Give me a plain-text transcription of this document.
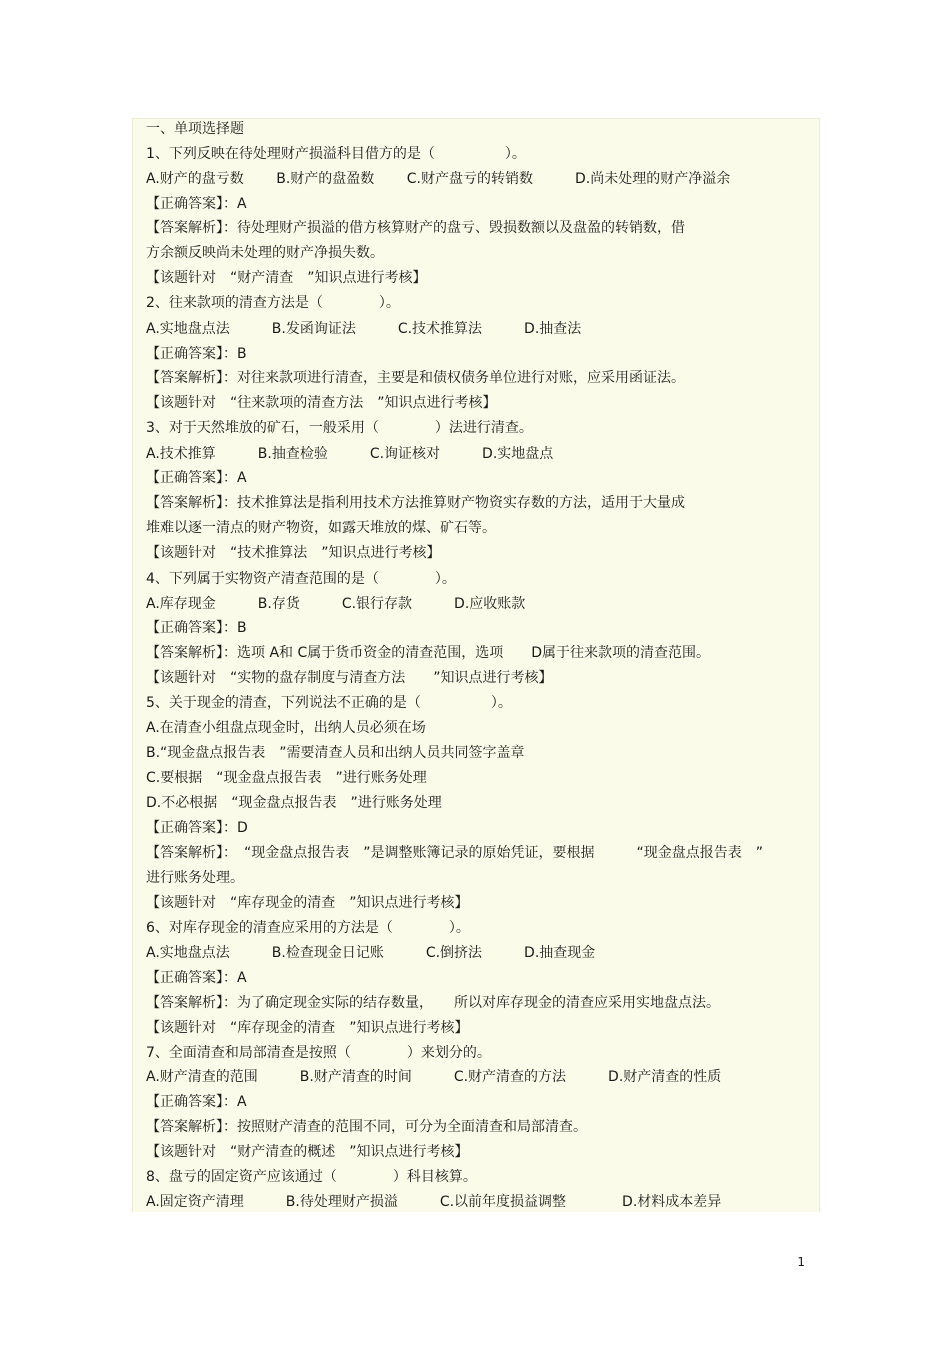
一、单项选择题
1、下列反映在待处理财产损溢科目借方的是（　　　　　）。
A.财产的盘亏数　　 B.财产的盘盈数　　 C.财产盘亏的转销数　　　D.尚未处理的财产净溢余
【正确答案】：A
【答案解析】：待处理财产损溢的借方核算财产的盘亏、毁损数额以及盘盈的转销数，借
方余额反映尚未处理的财产净损失数。
【该题针对　“财产清查　”知识点进行考核】
2、往来款项的清查方法是（　　　　）。
A.实地盘点法　　　B.发函询证法　　　C.技术推算法　　　D.抽查法
【正确答案】：B
【答案解析】：对往来款项进行清查，主要是和债权债务单位进行对账，应采用函证法。
【该题针对　“往来款项的清查方法　”知识点进行考核】
3、对于天然堆放的矿石，一般采用（　　　　）法进行清查。
A.技术推算　　　B.抽查检验　　　C.询证核对　　　D.实地盘点
【正确答案】：A
【答案解析】：技术推算法是指利用技术方法推算财产物资实存数的方法，适用于大量成
堆难以逐一清点的财产物资，如露天堆放的煤、矿石等。
【该题针对　“技术推算法　”知识点进行考核】
4、下列属于实物资产清查范围的是（　　　　）。
A.库存现金　　　B.存货　　　C.银行存款　　　D.应收账款
【正确答案】：B
【答案解析】：选项 A和 C属于货币资金的清查范围，选项　　D属于往来款项的清查范围。
【该题针对　“实物的盘存制度与清查方法　　”知识点进行考核】
5、关于现金的清查，下列说法不正确的是（　　　　　）。
A.在清查小组盘点现金时，出纳人员必须在场
B.“现金盘点报告表　”需要清查人员和出纳人员共同签字盖章
C.要根据　“现金盘点报告表　”进行账务处理
D.不必根据　“现金盘点报告表　”进行账务处理
【正确答案】：D
【答案解析】：　“现金盘点报告表　”是调整账簿记录的原始凭证，要根据　　　“现金盘点报告表　”
进行账务处理。
【该题针对　“库存现金的清查　”知识点进行考核】
6、对库存现金的清查应采用的方法是（　　　　）。
A.实地盘点法　　　B.检查现金日记账　　　C.倒挤法　　　D.抽查现金
【正确答案】：A
【答案解析】：为了确定现金实际的结存数量，　　所以对库存现金的清查应采用实地盘点法。
【该题针对　“库存现金的清查　”知识点进行考核】
7、全面清查和局部清查是按照（　　　　）来划分的。
A.财产清查的范围　　　B.财产清查的时间　　　C.财产清查的方法　　　D.财产清查的性质
【正确答案】：A
【答案解析】：按照财产清查的范围不同，可分为全面清查和局部清查。
【该题针对　“财产清查的概述　”知识点进行考核】
8、盘亏的固定资产应该通过（　　　　）科目核算。
A.固定资产清理　　　B.待处理财产损溢　　　C.以前年度损益调整　　　　D.材料成本差异
1
